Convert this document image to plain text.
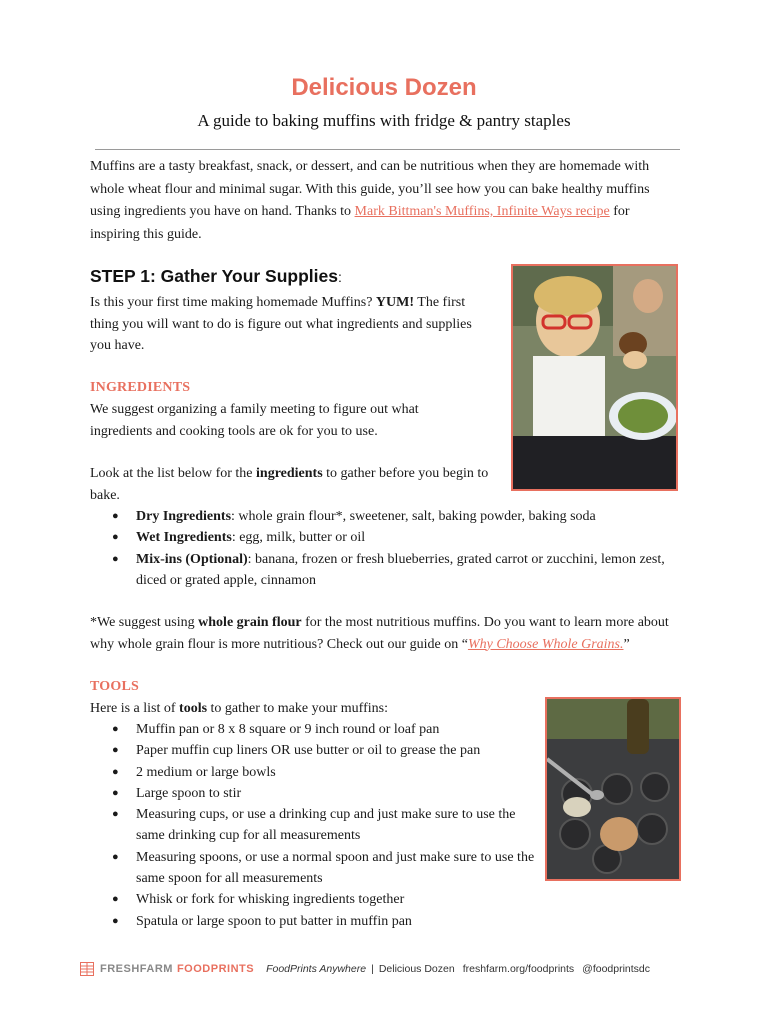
Delicious Dozen

A guide to baking muffins with fridge & pantry staples

Muffins are a tasty breakfast, snack, or dessert, and can be nutritious when they are homemade with whole wheat flour and minimal sugar. With this guide, you’ll see how you can bake healthy muffins using ingredients you have on hand. Thanks to Mark Bittman's Muffins, Infinite Ways recipe for inspiring this guide.

STEP 1: Gather Your Supplies:

Is this your first time making homemade Muffins? YUM! The first thing you will want to do is figure out what ingredients and supplies you have.

INGREDIENTS

We suggest organizing a family meeting to figure out what ingredients and cooking tools are ok for you to use.

Look at the list below for the ingredients to gather before you begin to bake.

● Dry Ingredients: whole grain flour*, sweetener, salt, baking powder, baking soda
● Wet Ingredients: egg, milk, butter or oil
● Mix-ins (Optional): banana, frozen or fresh blueberries, grated carrot or zucchini, lemon zest, diced or grated apple, cinnamon

*We suggest using whole grain flour for the most nutritious muffins. Do you want to learn more about why whole grain flour is more nutritious? Check out our guide on “Why Choose Whole Grains.”

TOOLS

Here is a list of tools to gather to make your muffins:

● Muffin pan or 8 x 8 square or 9 inch round or loaf pan
● Paper muffin cup liners OR use butter or oil to grease the pan
● 2 medium or large bowls
● Large spoon to stir
● Measuring cups, or use a drinking cup and just make sure to use the same drinking cup for all measurements
● Measuring spoons, or use a normal spoon and just make sure to use the same spoon for all measurements
● Whisk or fork for whisking ingredients together
● Spatula or large spoon to put batter in muffin pan
FRESHFARM FOODPRINTS FoodPrints Anywhere | Delicious Dozen freshfarm.org/foodprints @foodprintsdc
